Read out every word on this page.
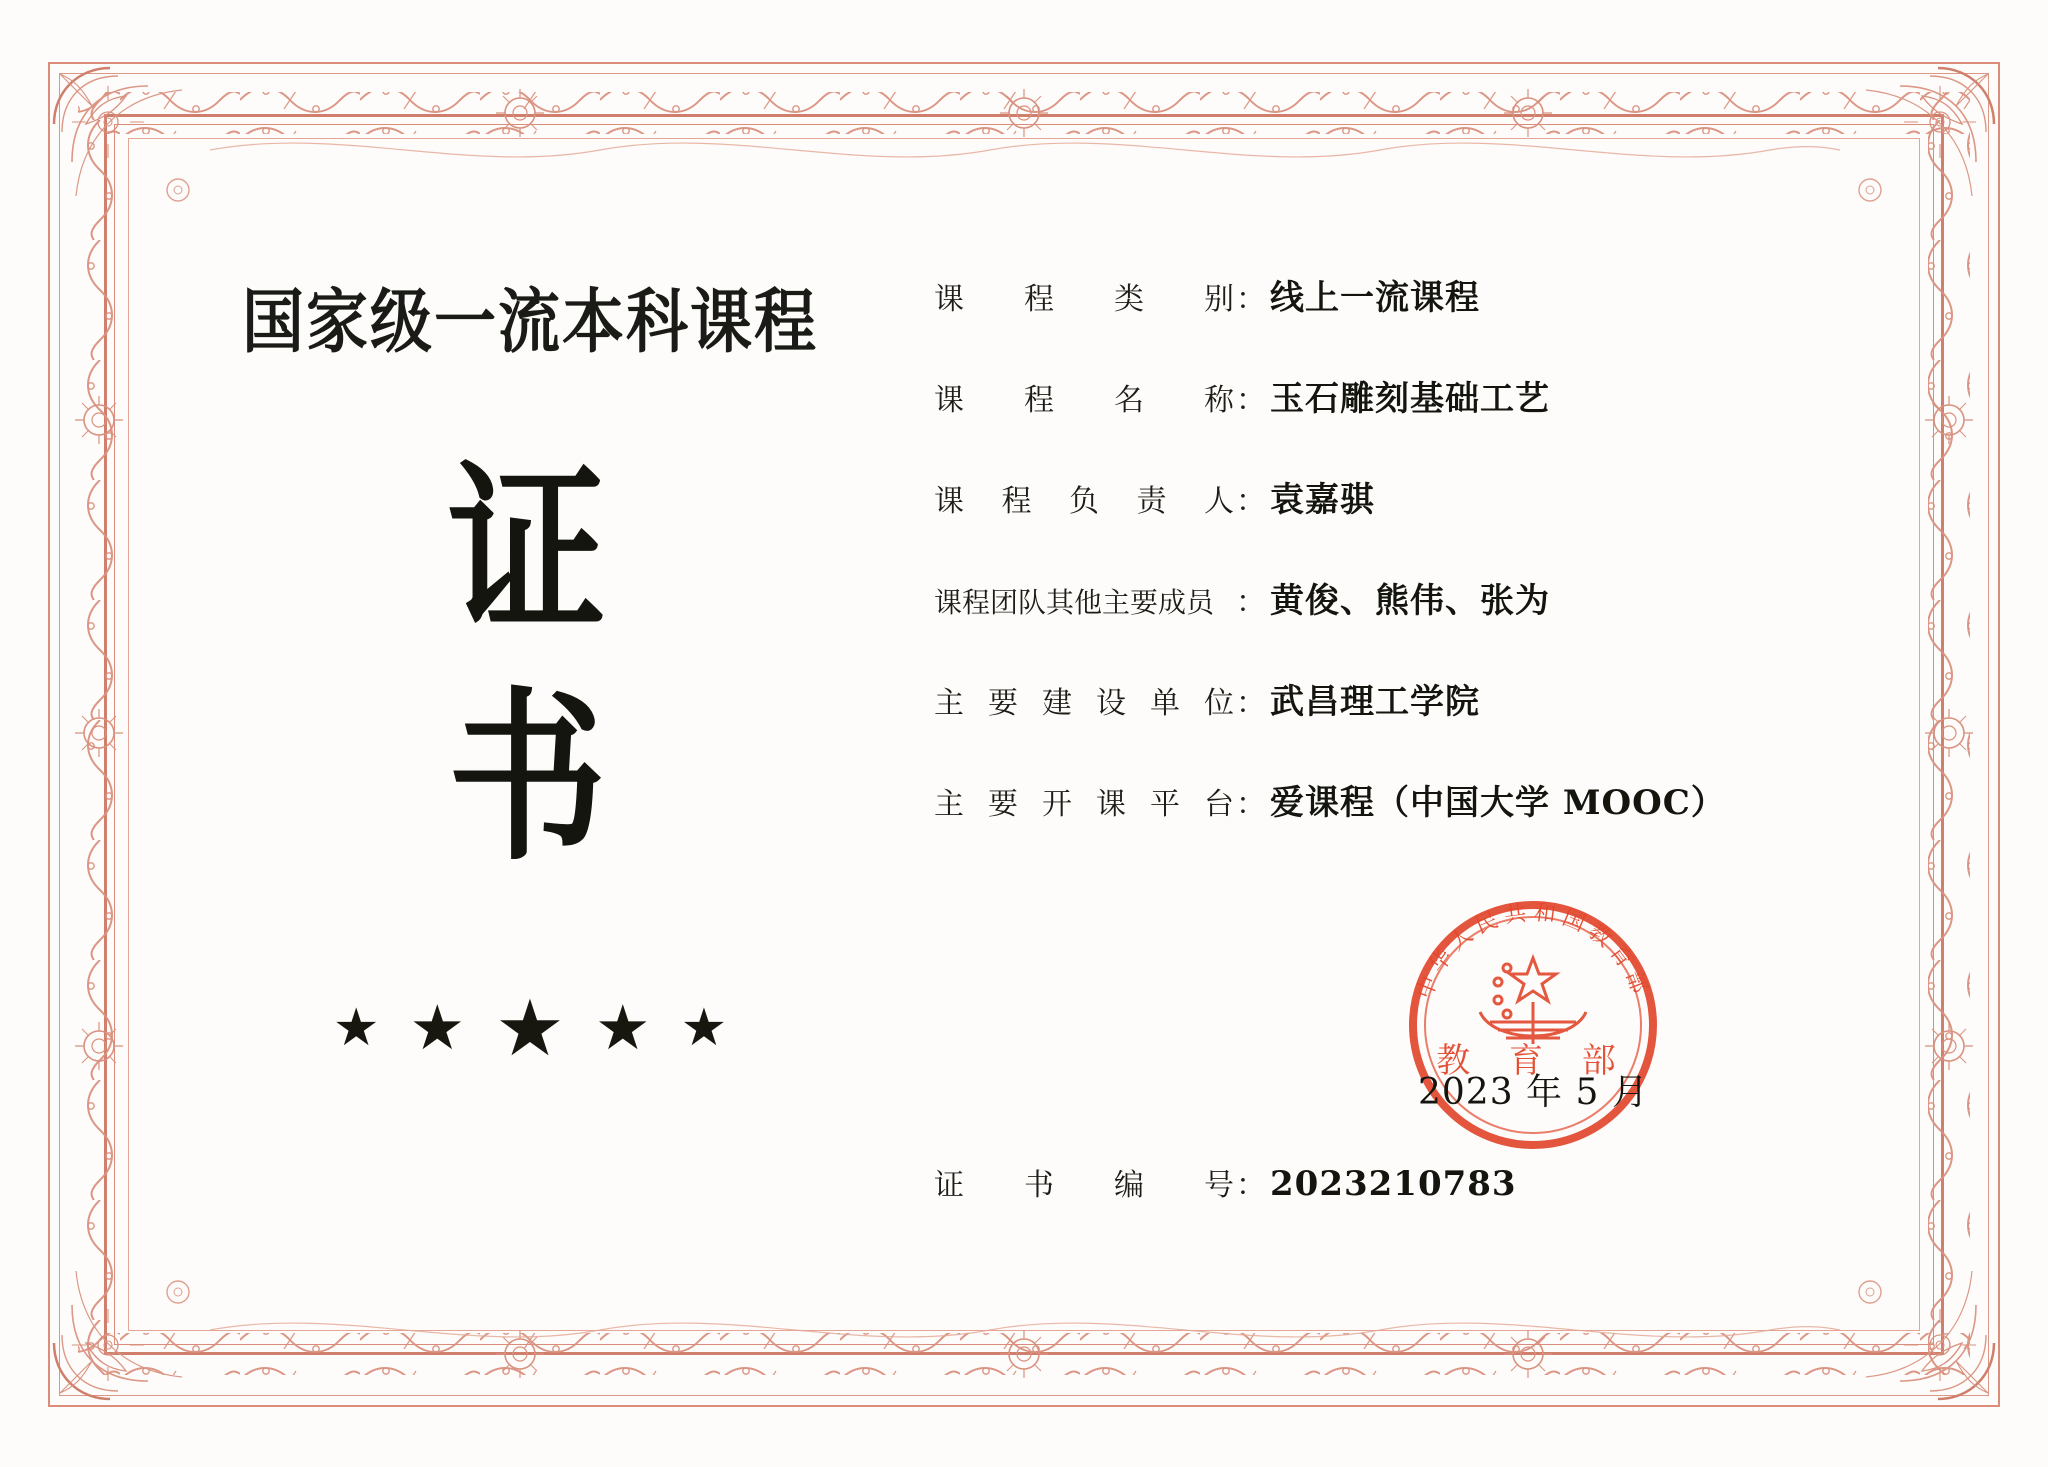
国家级一流本科课程
证
书
★ ★ ★ ★ ★
课 程 类 别 ： 线上一流课程
课 程 名 称 ： 玉石雕刻基础工艺
课 程 负 责 人 ： 袁嘉骐
课程团队其他主要成员 ： 黄俊、熊伟、张为
主 要 建 设 单 位 ： 武昌理工学院
主 要 开 课 平 台 ： 爱课程（中国大学 MOOC）
中华人民共和国教育部
教 育 部
2023 年 5 月
证 书 编 号 ： 2023210783
